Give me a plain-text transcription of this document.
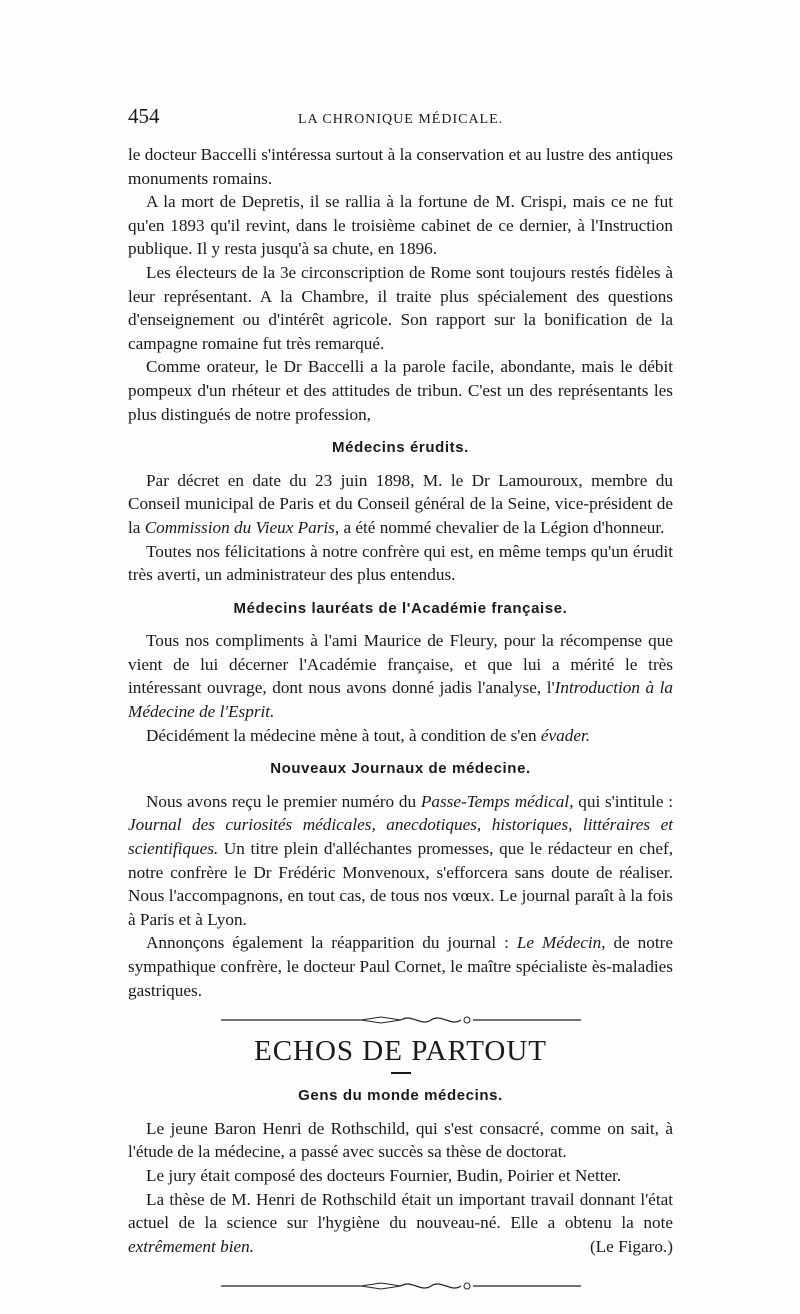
454	LA CHRONIQUE MÉDICALE.

le docteur Baccelli s'intéressa surtout à la conservation et au lustre des antiques monuments romains.

A la mort de Depretis, il se rallia à la fortune de M. Crispi, mais ce ne fut qu'en 1893 qu'il revint, dans le troisième cabinet de ce dernier, à l'Instruction publique. Il y resta jusqu'à sa chute, en 1896.

Les électeurs de la 3e circonscription de Rome sont toujours restés fidèles à leur représentant. A la Chambre, il traite plus spécialement des questions d'enseignement ou d'intérêt agricole. Son rapport sur la bonification de la campagne romaine fut très remarqué.

Comme orateur, le Dr Baccelli a la parole facile, abondante, mais le débit pompeux d'un rhéteur et des attitudes de tribun. C'est un des représentants les plus distingués de notre profession,

Médecins érudits.

Par décret en date du 23 juin 1898, M. le Dr Lamouroux, membre du Conseil municipal de Paris et du Conseil général de la Seine, vice-président de la Commission du Vieux Paris, a été nommé chevalier de la Légion d'honneur.

Toutes nos félicitations à notre confrère qui est, en même temps qu'un érudit très averti, un administrateur des plus entendus.

Médecins lauréats de l'Académie française.

Tous nos compliments à l'ami Maurice de Fleury, pour la récompense que vient de lui décerner l'Académie française, et que lui a mérité le très intéressant ouvrage, dont nous avons donné jadis l'analyse, l'Introduction à la Médecine de l'Esprit.

Décidément la médecine mène à tout, à condition de s'en évader.

Nouveaux Journaux de médecine.

Nous avons reçu le premier numéro du Passe-Temps médical, qui s'intitule : Journal des curiosités médicales, anecdotiques, historiques, littéraires et scientifiques. Un titre plein d'alléchantes promesses, que le rédacteur en chef, notre confrère le Dr Frédéric Monvenoux, s'efforcera sans doute de réaliser. Nous l'accompagnons, en tout cas, de tous nos vœux. Le journal paraît à la fois à Paris et à Lyon.

Annonçons également la réapparition du journal : Le Médecin, de notre sympathique confrère, le docteur Paul Cornet, le maître spécialiste ès-maladies gastriques.

ECHOS DE PARTOUT
Gens du monde médecins.

Le jeune Baron Henri de Rothschild, qui s'est consacré, comme on sait, à l'étude de la médecine, a passé avec succès sa thèse de doctorat.

Le jury était composé des docteurs Fournier, Budin, Poirier et Netter.

La thèse de M. Henri de Rothschild était un important travail donnant l'état actuel de la science sur l'hygiène du nouveau-né. Elle a obtenu la note extrêmement bien.	(Le Figaro.)
